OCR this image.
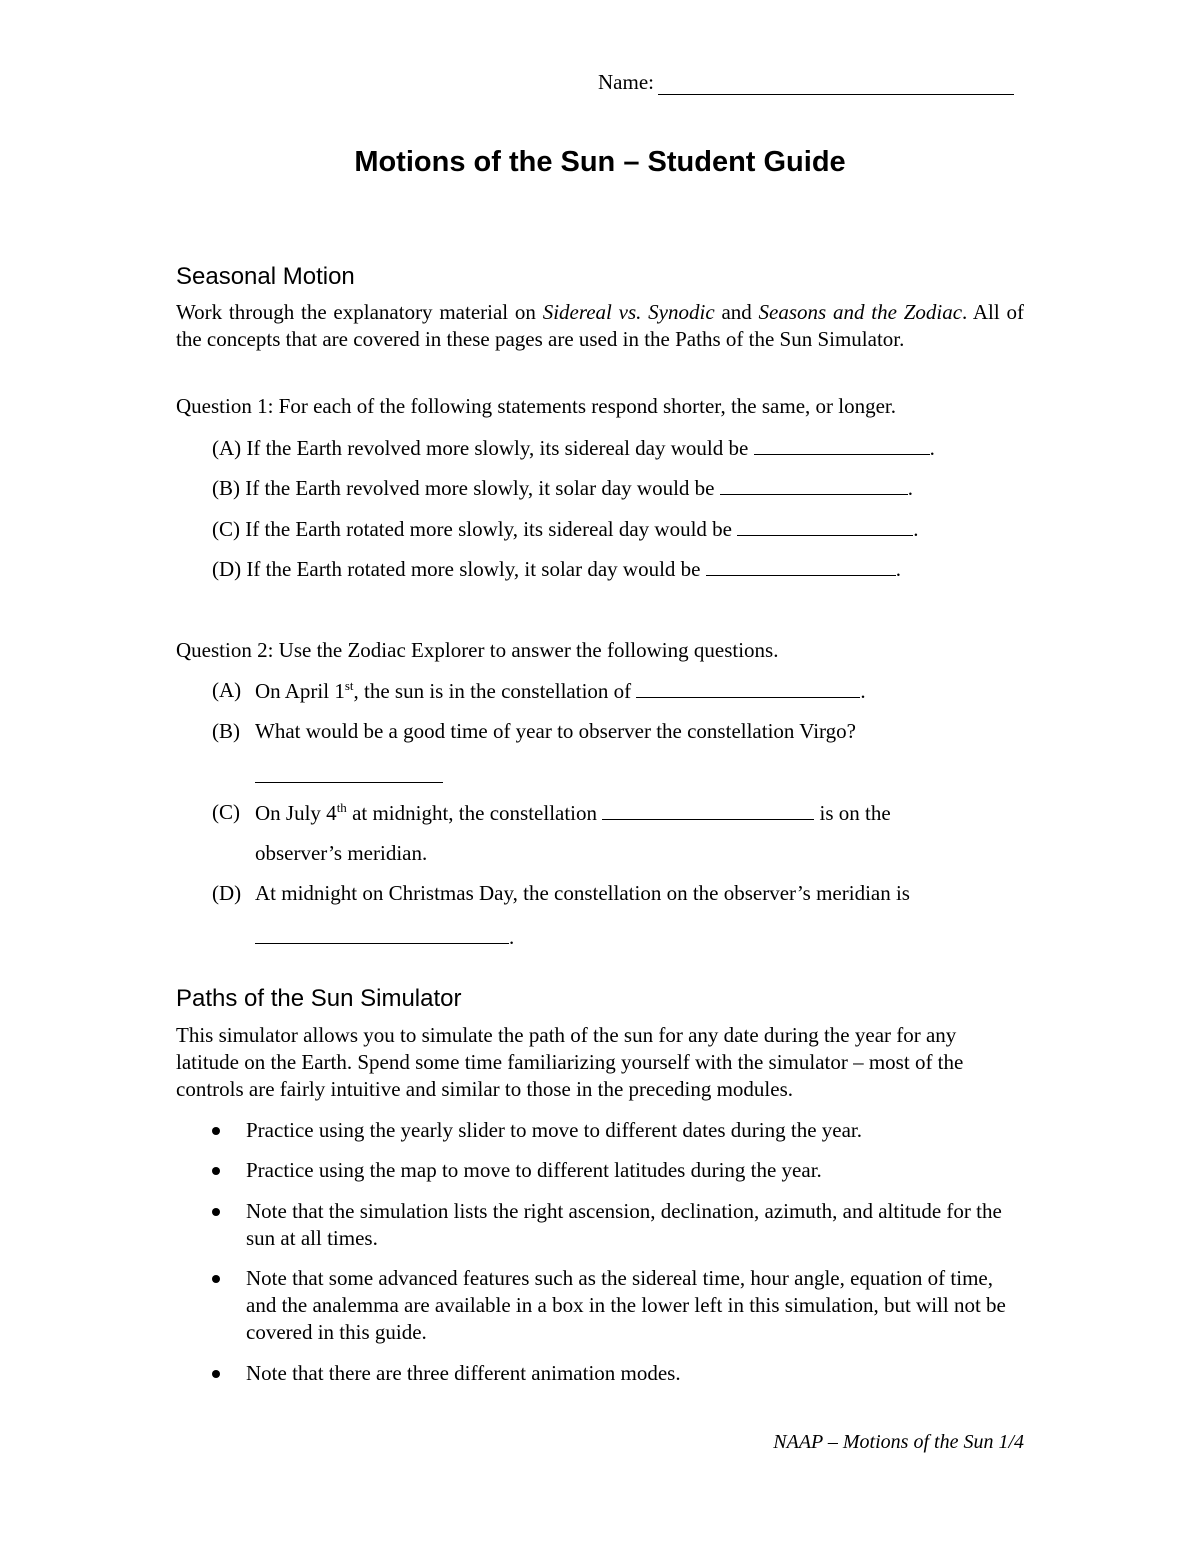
Name:
Motions of the Sun – Student Guide
Seasonal Motion
Work through the explanatory material on Sidereal vs. Synodic and Seasons and the Zodiac. All of the concepts that are covered in these pages are used in the Paths of the Sun Simulator.
Question 1: For each of the following statements respond shorter, the same, or longer.
(A) If the Earth revolved more slowly, its sidereal day would be	.
(B) If the Earth revolved more slowly, it solar day would be	.
(C) If the Earth rotated more slowly, its sidereal day would be	.
(D) If the Earth rotated more slowly, it solar day would be	.
Question 2: Use the Zodiac Explorer to answer the following questions.
(A) On April 1st, the sun is in the constellation of	.
(B) What would be a good time of year to observer the constellation Virgo?
(C) On July 4th at midnight, the constellation	is on the
observer’s meridian.
(D) At midnight on Christmas Day, the constellation on the observer’s meridian is
.
Paths of the Sun Simulator
This simulator allows you to simulate the path of the sun for any date during the year for any latitude on the Earth. Spend some time familiarizing yourself with the simulator – most of the controls are fairly intuitive and similar to those in the preceding modules.
Practice using the yearly slider to move to different dates during the year.
Practice using the map to move to different latitudes during the year.
Note that the simulation lists the right ascension, declination, azimuth, and altitude for the sun at all times.
Note that some advanced features such as the sidereal time, hour angle, equation of time, and the analemma are available in a box in the lower left in this simulation, but will not be covered in this guide.
Note that there are three different animation modes.
NAAP – Motions of the Sun 1/4
